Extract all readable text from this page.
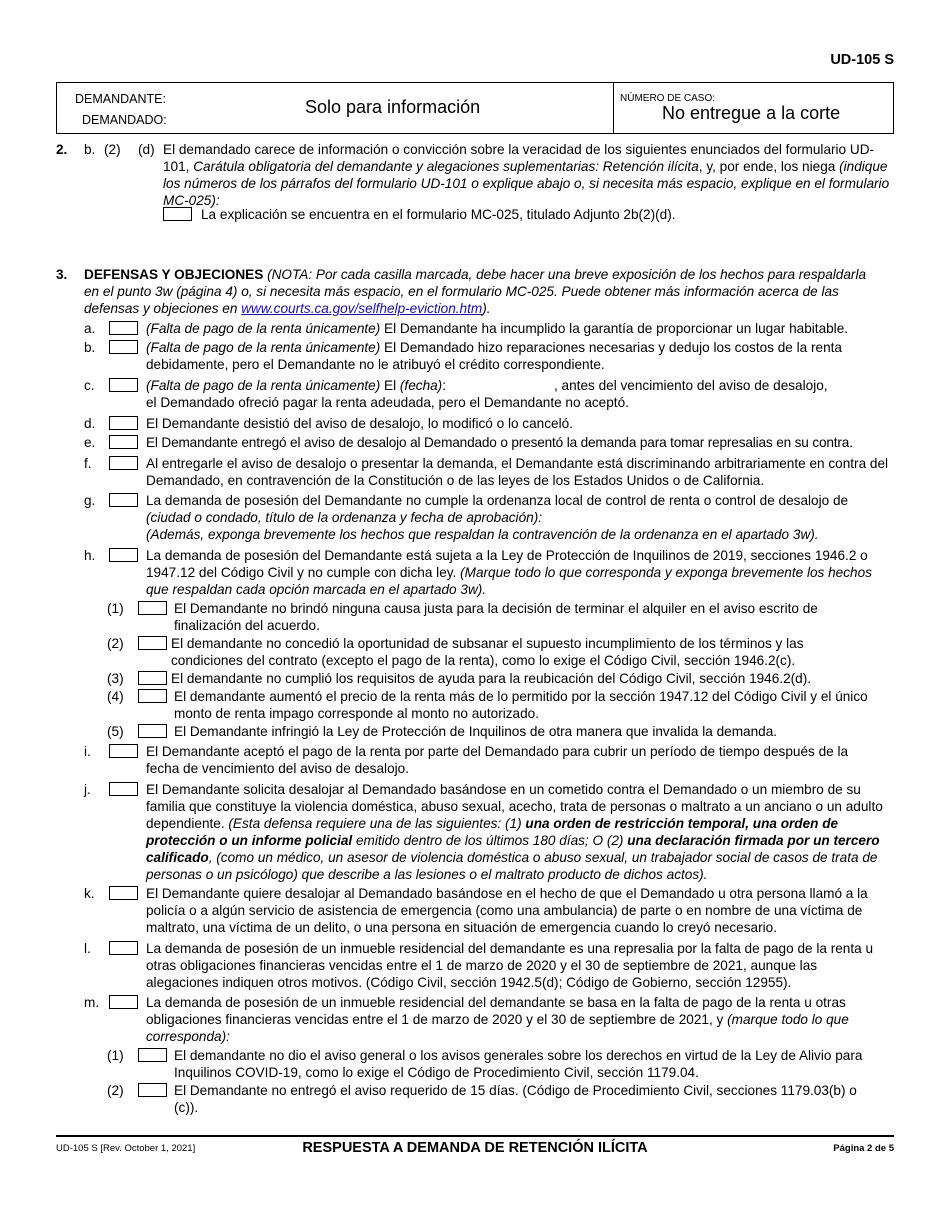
UD-105 S
DEMANDANTE:
DEMANDADO:
Solo para información	NÚMERO DE CASO:
No entregue a la corte
2. b. (2) (d) El demandado carece de información o convicción sobre la veracidad de los siguientes enunciados del formulario UD-101, Carátula obligatoria del demandante y alegaciones suplementarias: Retención ilícita, y, por ende, los niega (indique los números de los párrafos del formulario UD-101 o explique abajo o, si necesita más espacio, explique en el formulario MC-025):
La explicación se encuentra en el formulario MC-025, titulado Adjunto 2b(2)(d).
3. DEFENSAS Y OBJECIONES (NOTA: Por cada casilla marcada, debe hacer una breve exposición de los hechos para respaldarla en el punto 3w (página 4) o, si necesita más espacio, en el formulario MC-025. Puede obtener más información acerca de las defensas y objeciones en www.courts.ca.gov/selfhelp-eviction.htm).
a.	(Falta de pago de la renta únicamente) El Demandante ha incumplido la garantía de proporcionar un lugar habitable.
b.	(Falta de pago de la renta únicamente) El Demandado hizo reparaciones necesarias y dedujo los costos de la renta debidamente, pero el Demandante no le atribuyó el crédito correspondiente.
c.	(Falta de pago de la renta únicamente) El (fecha):	, antes del vencimiento del aviso de desalojo,
el Demandado ofreció pagar la renta adeudada, pero el Demandante no aceptó.
d.	El Demandante desistió del aviso de desalojo, lo modificó o lo canceló.
e.	El Demandante entregó el aviso de desalojo al Demandado o presentó la demanda para tomar represalias en su contra.
f.	Al entregarle el aviso de desalojo o presentar la demanda, el Demandante está discriminando arbitrariamente en contra del Demandado, en contravención de la Constitución o de las leyes de los Estados Unidos o de California.
g.	La demanda de posesión del Demandante no cumple la ordenanza local de control de renta o control de desalojo de
(ciudad o condado, título de la ordenanza y fecha de aprobación):
(Además, exponga brevemente los hechos que respaldan la contravención de la ordenanza en el apartado 3w).
h.	La demanda de posesión del Demandante está sujeta a la Ley de Protección de Inquilinos de 2019, secciones 1946.2 o 1947.12 del Código Civil y no cumple con dicha ley. (Marque todo lo que corresponda y exponga brevemente los hechos que respaldan cada opción marcada en el apartado 3w).
(1)	El Demandante no brindó ninguna causa justa para la decisión de terminar el alquiler en el aviso escrito de finalización del acuerdo.
(2)	El demandante no concedió la oportunidad de subsanar el supuesto incumplimiento de los términos y las condiciones del contrato (excepto el pago de la renta), como lo exige el Código Civil, sección 1946.2(c).
(3)	El demandante no cumplió los requisitos de ayuda para la reubicación del Código Civil, sección 1946.2(d).
(4)	El demandante aumentó el precio de la renta más de lo permitido por la sección 1947.12 del Código Civil y el único monto de renta impago corresponde al monto no autorizado.
(5)	El Demandante infringió la Ley de Protección de Inquilinos de otra manera que invalida la demanda.
i.	El Demandante aceptó el pago de la renta por parte del Demandado para cubrir un período de tiempo después de la fecha de vencimiento del aviso de desalojo.
j.	El Demandante solicita desalojar al Demandado basándose en un cometido contra el Demandado o un miembro de su familia que constituye la violencia doméstica, abuso sexual, acecho, trata de personas o maltrato a un anciano o un adulto dependiente. (Esta defensa requiere una de las siguientes: (1) una orden de restricción temporal, una orden de protección o un informe policial emitido dentro de los últimos 180 días; O (2) una declaración firmada por un tercero calificado, (como un médico, un asesor de violencia doméstica o abuso sexual, un trabajador social de casos de trata de personas o un psicólogo) que describe a las lesiones o el maltrato producto de dichos actos).
k.	El Demandante quiere desalojar al Demandado basándose en el hecho de que el Demandado u otra persona llamó a la policía o a algún servicio de asistencia de emergencia (como una ambulancia) de parte o en nombre de una víctima de maltrato, una víctima de un delito, o una persona en situación de emergencia cuando lo creyó necesario.
l.	La demanda de posesión de un inmueble residencial del demandante es una represalia por la falta de pago de la renta u otras obligaciones financieras vencidas entre el 1 de marzo de 2020 y el 30 de septiembre de 2021, aunque las alegaciones indiquen otros motivos. (Código Civil, sección 1942.5(d); Código de Gobierno, sección 12955).
m.	La demanda de posesión de un inmueble residencial del demandante se basa en la falta de pago de la renta u otras obligaciones financieras vencidas entre el 1 de marzo de 2020 y el 30 de septiembre de 2021, y (marque todo lo que corresponda):
(1)	El demandante no dio el aviso general o los avisos generales sobre los derechos en virtud de la Ley de Alivio para Inquilinos COVID-19, como lo exige el Código de Procedimiento Civil, sección 1179.04.
(2)	El Demandante no entregó el aviso requerido de 15 días. (Código de Procedimiento Civil, secciones 1179.03(b) o (c)).
UD-105 S [Rev. October 1, 2021]	RESPUESTA A DEMANDA DE RETENCIÓN ILÍCITA	Página 2 de 5
